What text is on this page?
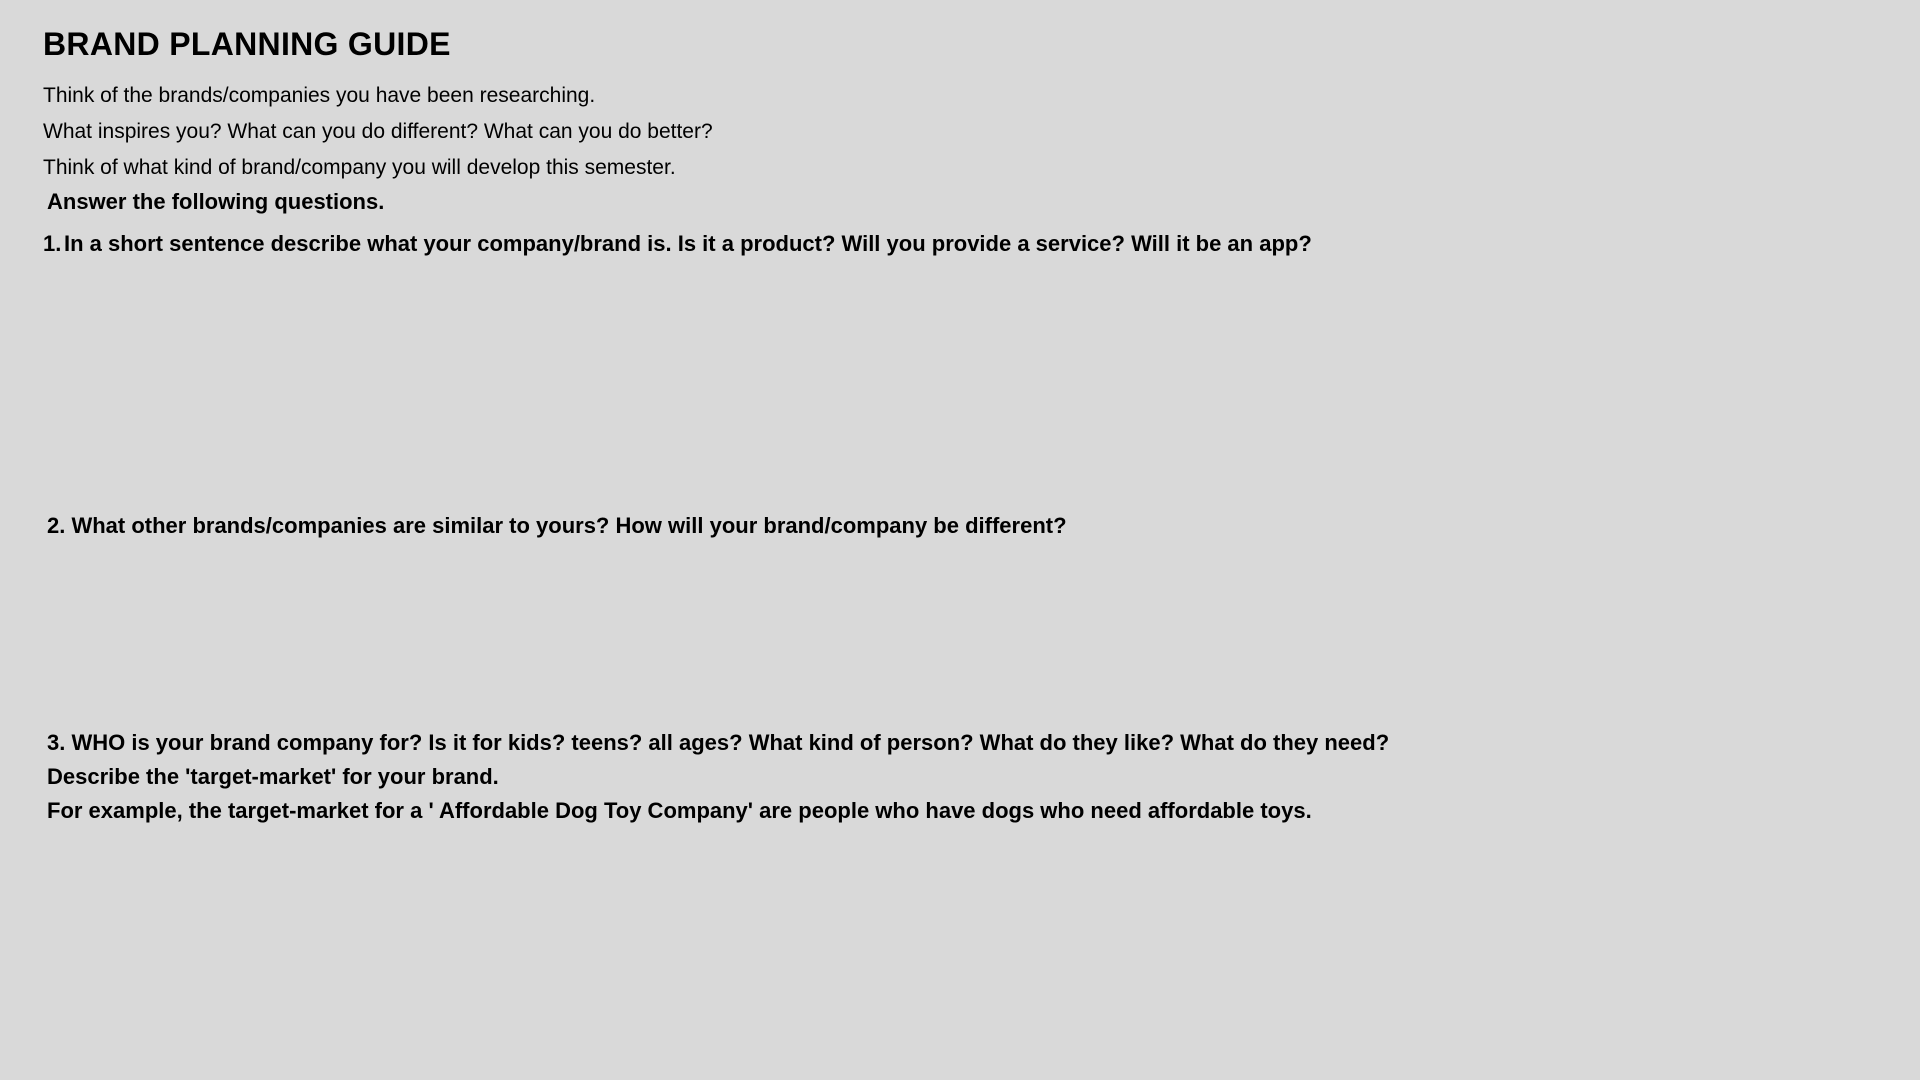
BRAND PLANNING GUIDE
Think of the brands/companies you have been researching.
What inspires you? What can you do different? What can you do better?
Think of what kind of brand/company you will develop this semester.
Answer the following questions.
1. In a short sentence describe what your company/brand is. Is it a product? Will you provide a service? Will it be an app?
2. What other brands/companies are similar to yours? How will your brand/company be different?
3. WHO is your brand company for? Is it for kids? teens? all ages? What kind of person? What do they like? What do they need?
Describe the 'target-market' for your brand.
For example, the target-market for a ' Affordable Dog Toy Company' are people who have dogs who need affordable toys.
